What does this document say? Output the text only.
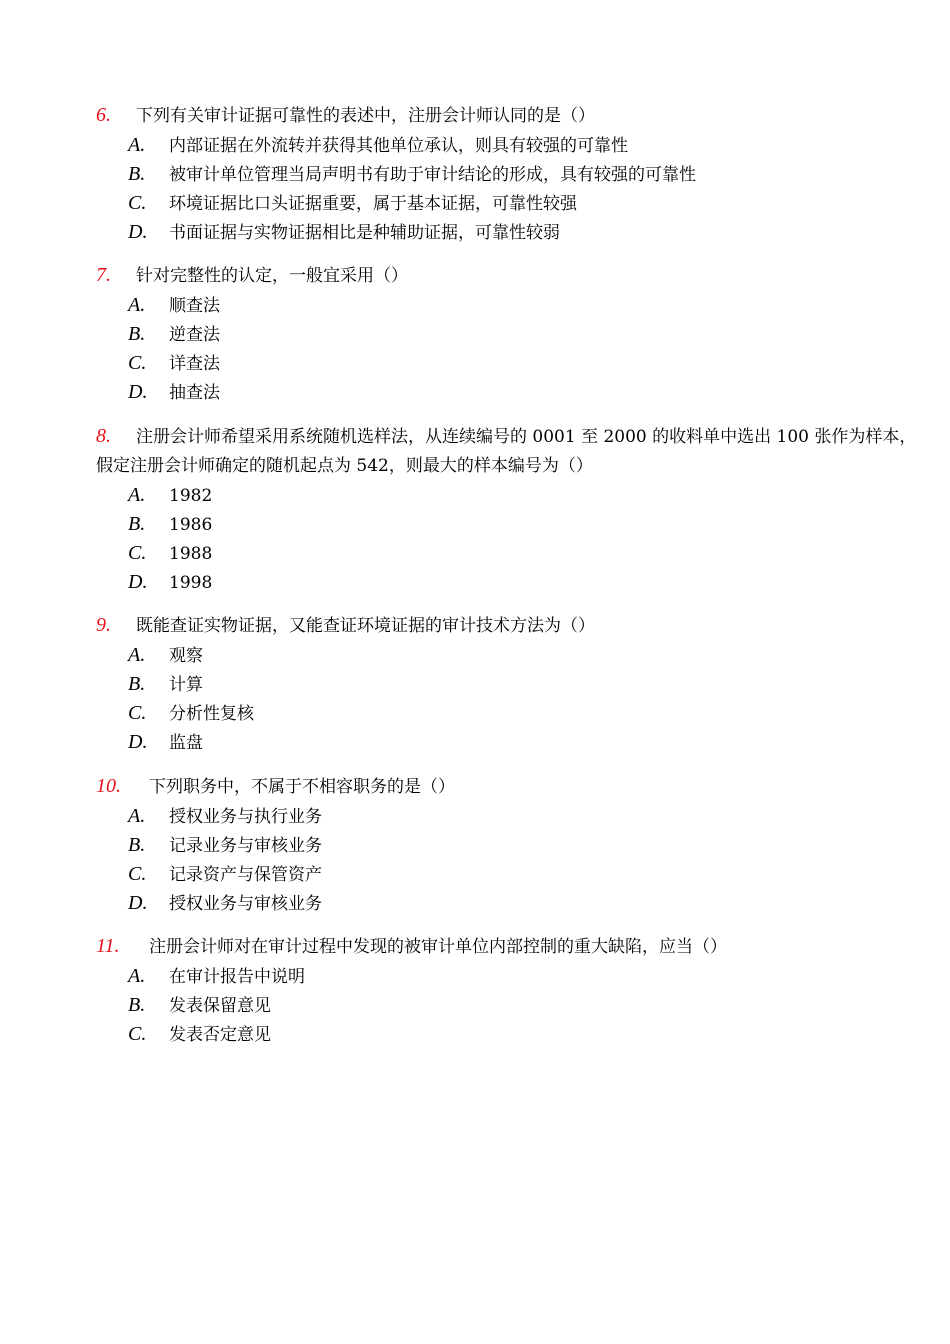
6. 下列有关审计证据可靠性的表述中，注册会计师认同的是（）
A. 内部证据在外流转并获得其他单位承认，则具有较强的可靠性
B. 被审计单位管理当局声明书有助于审计结论的形成，具有较强的可靠性
C. 环境证据比口头证据重要，属于基本证据，可靠性较强
D. 书面证据与实物证据相比是种辅助证据，可靠性较弱
7. 针对完整性的认定，一般宜采用（）
A. 顺查法
B. 逆查法
C. 详查法
D. 抽查法
8. 注册会计师希望采用系统随机选样法，从连续编号的 0001 至 2000 的收料单中选出 100 张作为样本，假定注册会计师确定的随机起点为 542，则最大的样本编号为（）
A. 1982
B. 1986
C. 1988
D. 1998
9. 既能查证实物证据，又能查证环境证据的审计技术方法为（）
A. 观察
B. 计算
C. 分析性复核
D. 监盘
10. 下列职务中，不属于不相容职务的是（）
A. 授权业务与执行业务
B. 记录业务与审核业务
C. 记录资产与保管资产
D. 授权业务与审核业务
11. 注册会计师对在审计过程中发现的被审计单位内部控制的重大缺陷，应当（）
A. 在审计报告中说明
B. 发表保留意见
C. 发表否定意见
